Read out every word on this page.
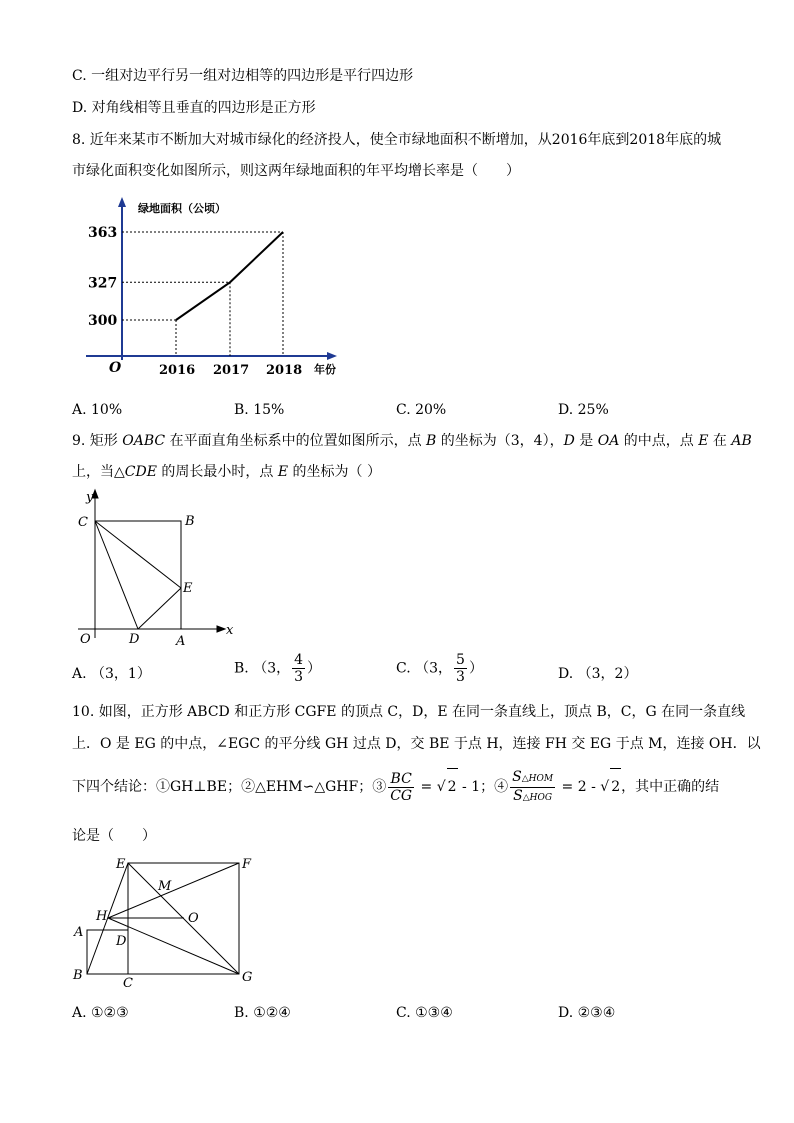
C. 一组对边平行另一组对边相等的四边形是平行四边形
D. 对角线相等且垂直的四边形是正方形
8. 近年来某市不断加大对城市绿化的经济投人，使全市绿地面积不断增加，从2016年底到2018年底的城
市绿化面积变化如图所示，则这两年绿地面积的年平均增长率是（　　）
绿地面积（公顷）
年份
O
300
2016
327
2017
363
2018
A. 10%	B. 15%	C. 20%	D. 25%
9. 矩形 OABC 在平面直角坐标系中的位置如图所示，点 B 的坐标为（3，4），D 是 OA 的中点，点 E 在 AB
上，当△CDE 的周长最小时，点 E 的坐标为（ ）
y
x
C	B
E
O	D	A
A. （3，1）	B. （3， $\frac{4}{3}$ ）	C. （3， $\frac{5}{3}$ ）	D. （3，2）
10. 如图，正方形 ABCD 和正方形 CGFE 的顶点 C，D，E 在同一条直线上，顶点 B，C，G 在同一条直线
上．O 是 EG 的中点，∠EGC 的平分线 GH 过点 D，交 BE 于点 H，连接 FH 交 EG 于点 M，连接 OH．以
下四个结论：①GH⊥BE；②△EHM∽△GHF；③ $\frac{BC}{CG}$ = √ 2 - 1；④ $\frac{\text{S△HOM}}{\text{S△HOG}} = 2$ - √ 2，其中正确的结
论是（　　）
E	F
M
H	O
A
D
B
C	G
A. ①②③	B. ①②④	C. ①③④	D. ②③④
